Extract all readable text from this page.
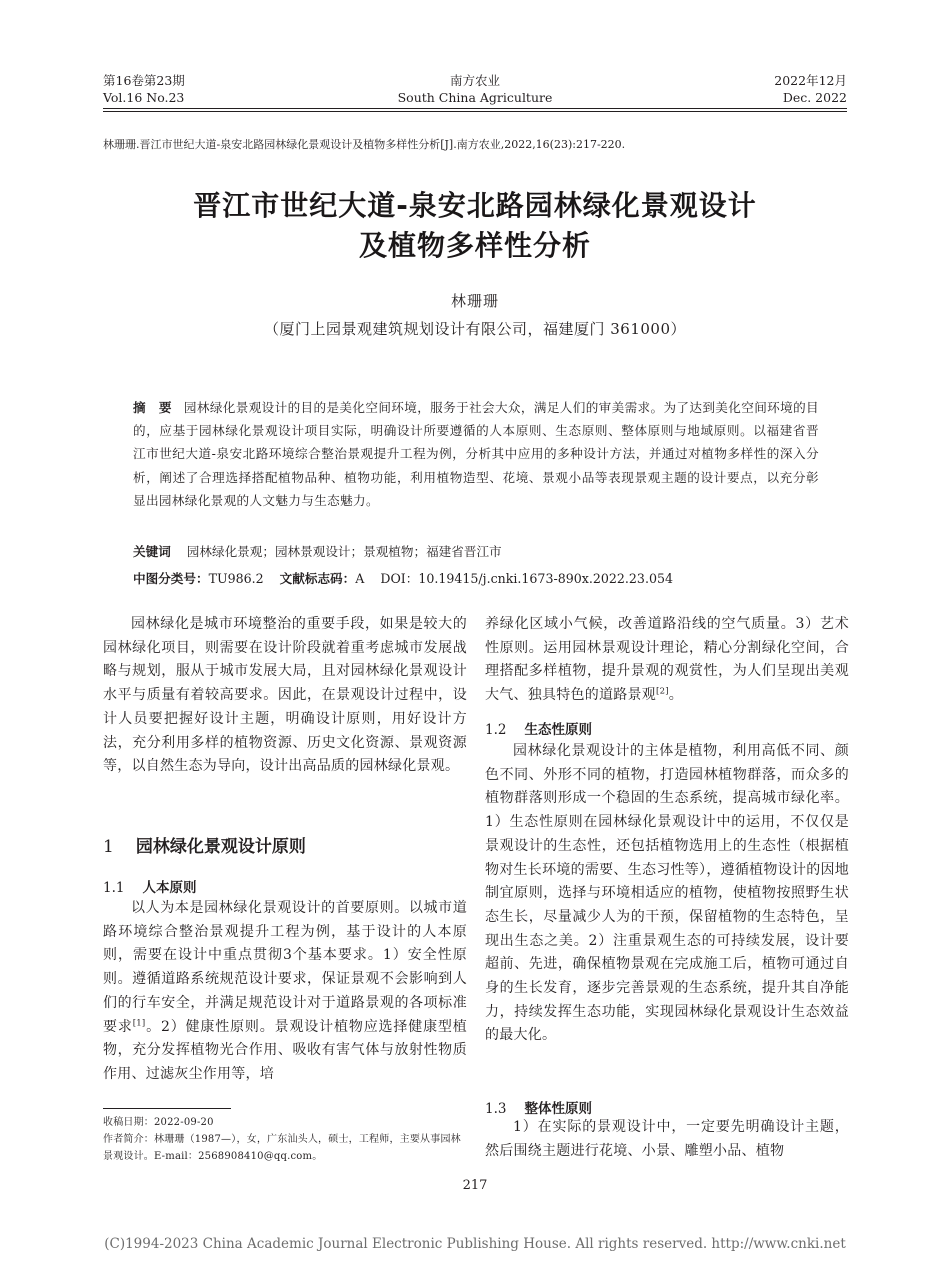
第16卷第23期
Vol.16 No.23
南方农业
South China Agriculture
2022年12月
Dec. 2022
林珊珊.晋江市世纪大道-泉安北路园林绿化景观设计及植物多样性分析[J].南方农业,2022,16(23):217-220.
晋江市世纪大道-泉安北路园林绿化景观设计
及植物多样性分析
林珊珊
（厦门上园景观建筑规划设计有限公司，福建厦门 361000）
摘　要 园林绿化景观设计的目的是美化空间环境，服务于社会大众，满足人们的审美需求。为了达到美化空间环境的目的，应基于园林绿化景观设计项目实际，明确设计所要遵循的人本原则、生态原则、整体原则与地域原则。以福建省晋江市世纪大道-泉安北路环境综合整治景观提升工程为例，分析其中应用的多种设计方法，并通过对植物多样性的深入分析，阐述了合理选择搭配植物品种、植物功能，利用植物造型、花境、景观小品等表现景观主题的设计要点，以充分彰显出园林绿化景观的人文魅力与生态魅力。
关键词 园林绿化景观；园林景观设计；景观植物；福建省晋江市
中图分类号：TU986.2 文献标志码：A DOI：10.19415/j.cnki.1673-890x.2022.23.054

园林绿化是城市环境整治的重要手段，如果是较大的园林绿化项目，则需要在设计阶段就着重考虑城市发展战略与规划，服从于城市发展大局，且对园林绿化景观设计水平与质量有着较高要求。因此，在景观设计过程中，设计人员要把握好设计主题，明确设计原则，用好设计方法，充分利用多样的植物资源、历史文化资源、景观资源等，以自然生态为导向，设计出高品质的园林绿化景观。

1 园林绿化景观设计原则
1.1 人本原则

以人为本是园林绿化景观设计的首要原则。以城市道路环境综合整治景观提升工程为例，基于设计的人本原则，需要在设计中重点贯彻3个基本要求。1）安全性原则。遵循道路系统规范设计要求，保证景观不会影响到人们的行车安全，并满足规范设计对于道路景观的各项标准要求[1]。2）健康性原则。景观设计植物应选择健康型植物，充分发挥植物光合作用、吸收有害气体与放射性物质作用、过滤灰尘作用等，培

收稿日期：2022-09-20
作者简介：林珊珊（1987—），女，广东汕头人，硕士，工程师，主要从事园林景观设计。E-mail：2568908410@qq.com。

养绿化区域小气候，改善道路沿线的空气质量。3）艺术性原则。运用园林景观设计理论，精心分割绿化空间，合理搭配多样植物，提升景观的观赏性，为人们呈现出美观大气、独具特色的道路景观[2]。

1.2 生态性原则

园林绿化景观设计的主体是植物，利用高低不同、颜色不同、外形不同的植物，打造园林植物群落，而众多的植物群落则形成一个稳固的生态系统，提高城市绿化率。1）生态性原则在园林绿化景观设计中的运用，不仅仅是景观设计的生态性，还包括植物选用上的生态性（根据植物对生长环境的需要、生态习性等），遵循植物设计的因地制宜原则，选择与环境相适应的植物，使植物按照野生状态生长，尽量减少人为的干预，保留植物的生态特色，呈现出生态之美。2）注重景观生态的可持续发展，设计要超前、先进，确保植物景观在完成施工后，植物可通过自身的生长发育，逐步完善景观的生态系统，提升其自净能力，持续发挥生态功能，实现园林绿化景观设计生态效益的最大化。

1.3 整体性原则

1）在实际的景观设计中，一定要先明确设计主题，然后围绕主题进行花境、小景、雕塑小品、植物

217
(C)1994-2023 China Academic Journal Electronic Publishing House. All rights reserved. http://www.cnki.net
